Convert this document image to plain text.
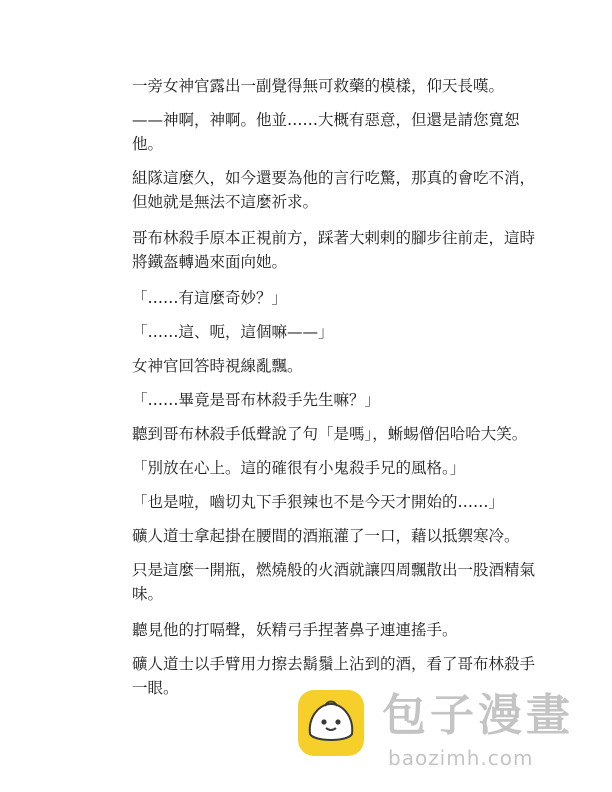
一旁女神官露出一副覺得無可救藥的模樣，仰天長嘆。

——神啊，神啊。他並……大概有惡意，但還是請您寬恕他。

組隊這麼久，如今還要為他的言行吃驚，那真的會吃不消，但她就是無法不這麼祈求。

哥布林殺手原本正視前方，踩著大剌剌的腳步往前走，這時將鐵盔轉過來面向她。

「……有這麼奇妙？」

「……這、呃，這個嘛——」

女神官回答時視線亂飄。

「……畢竟是哥布林殺手先生嘛？」

聽到哥布林殺手低聲說了句「是嗎」，蜥蜴僧侶哈哈大笑。

「別放在心上。這的確很有小鬼殺手兄的風格。」

「也是啦，嚙切丸下手狠辣也不是今天才開始的……」

礦人道士拿起掛在腰間的酒瓶灌了一口，藉以抵禦寒冷。

只是這麼一開瓶，燃燒般的火酒就讓四周飄散出一股酒精氣味。

聽見他的打嗝聲，妖精弓手捏著鼻子連連搖手。

礦人道士以手臂用力擦去鬍鬚上沾到的酒，看了哥布林殺手一眼。

包子漫畫
baozimh.com
